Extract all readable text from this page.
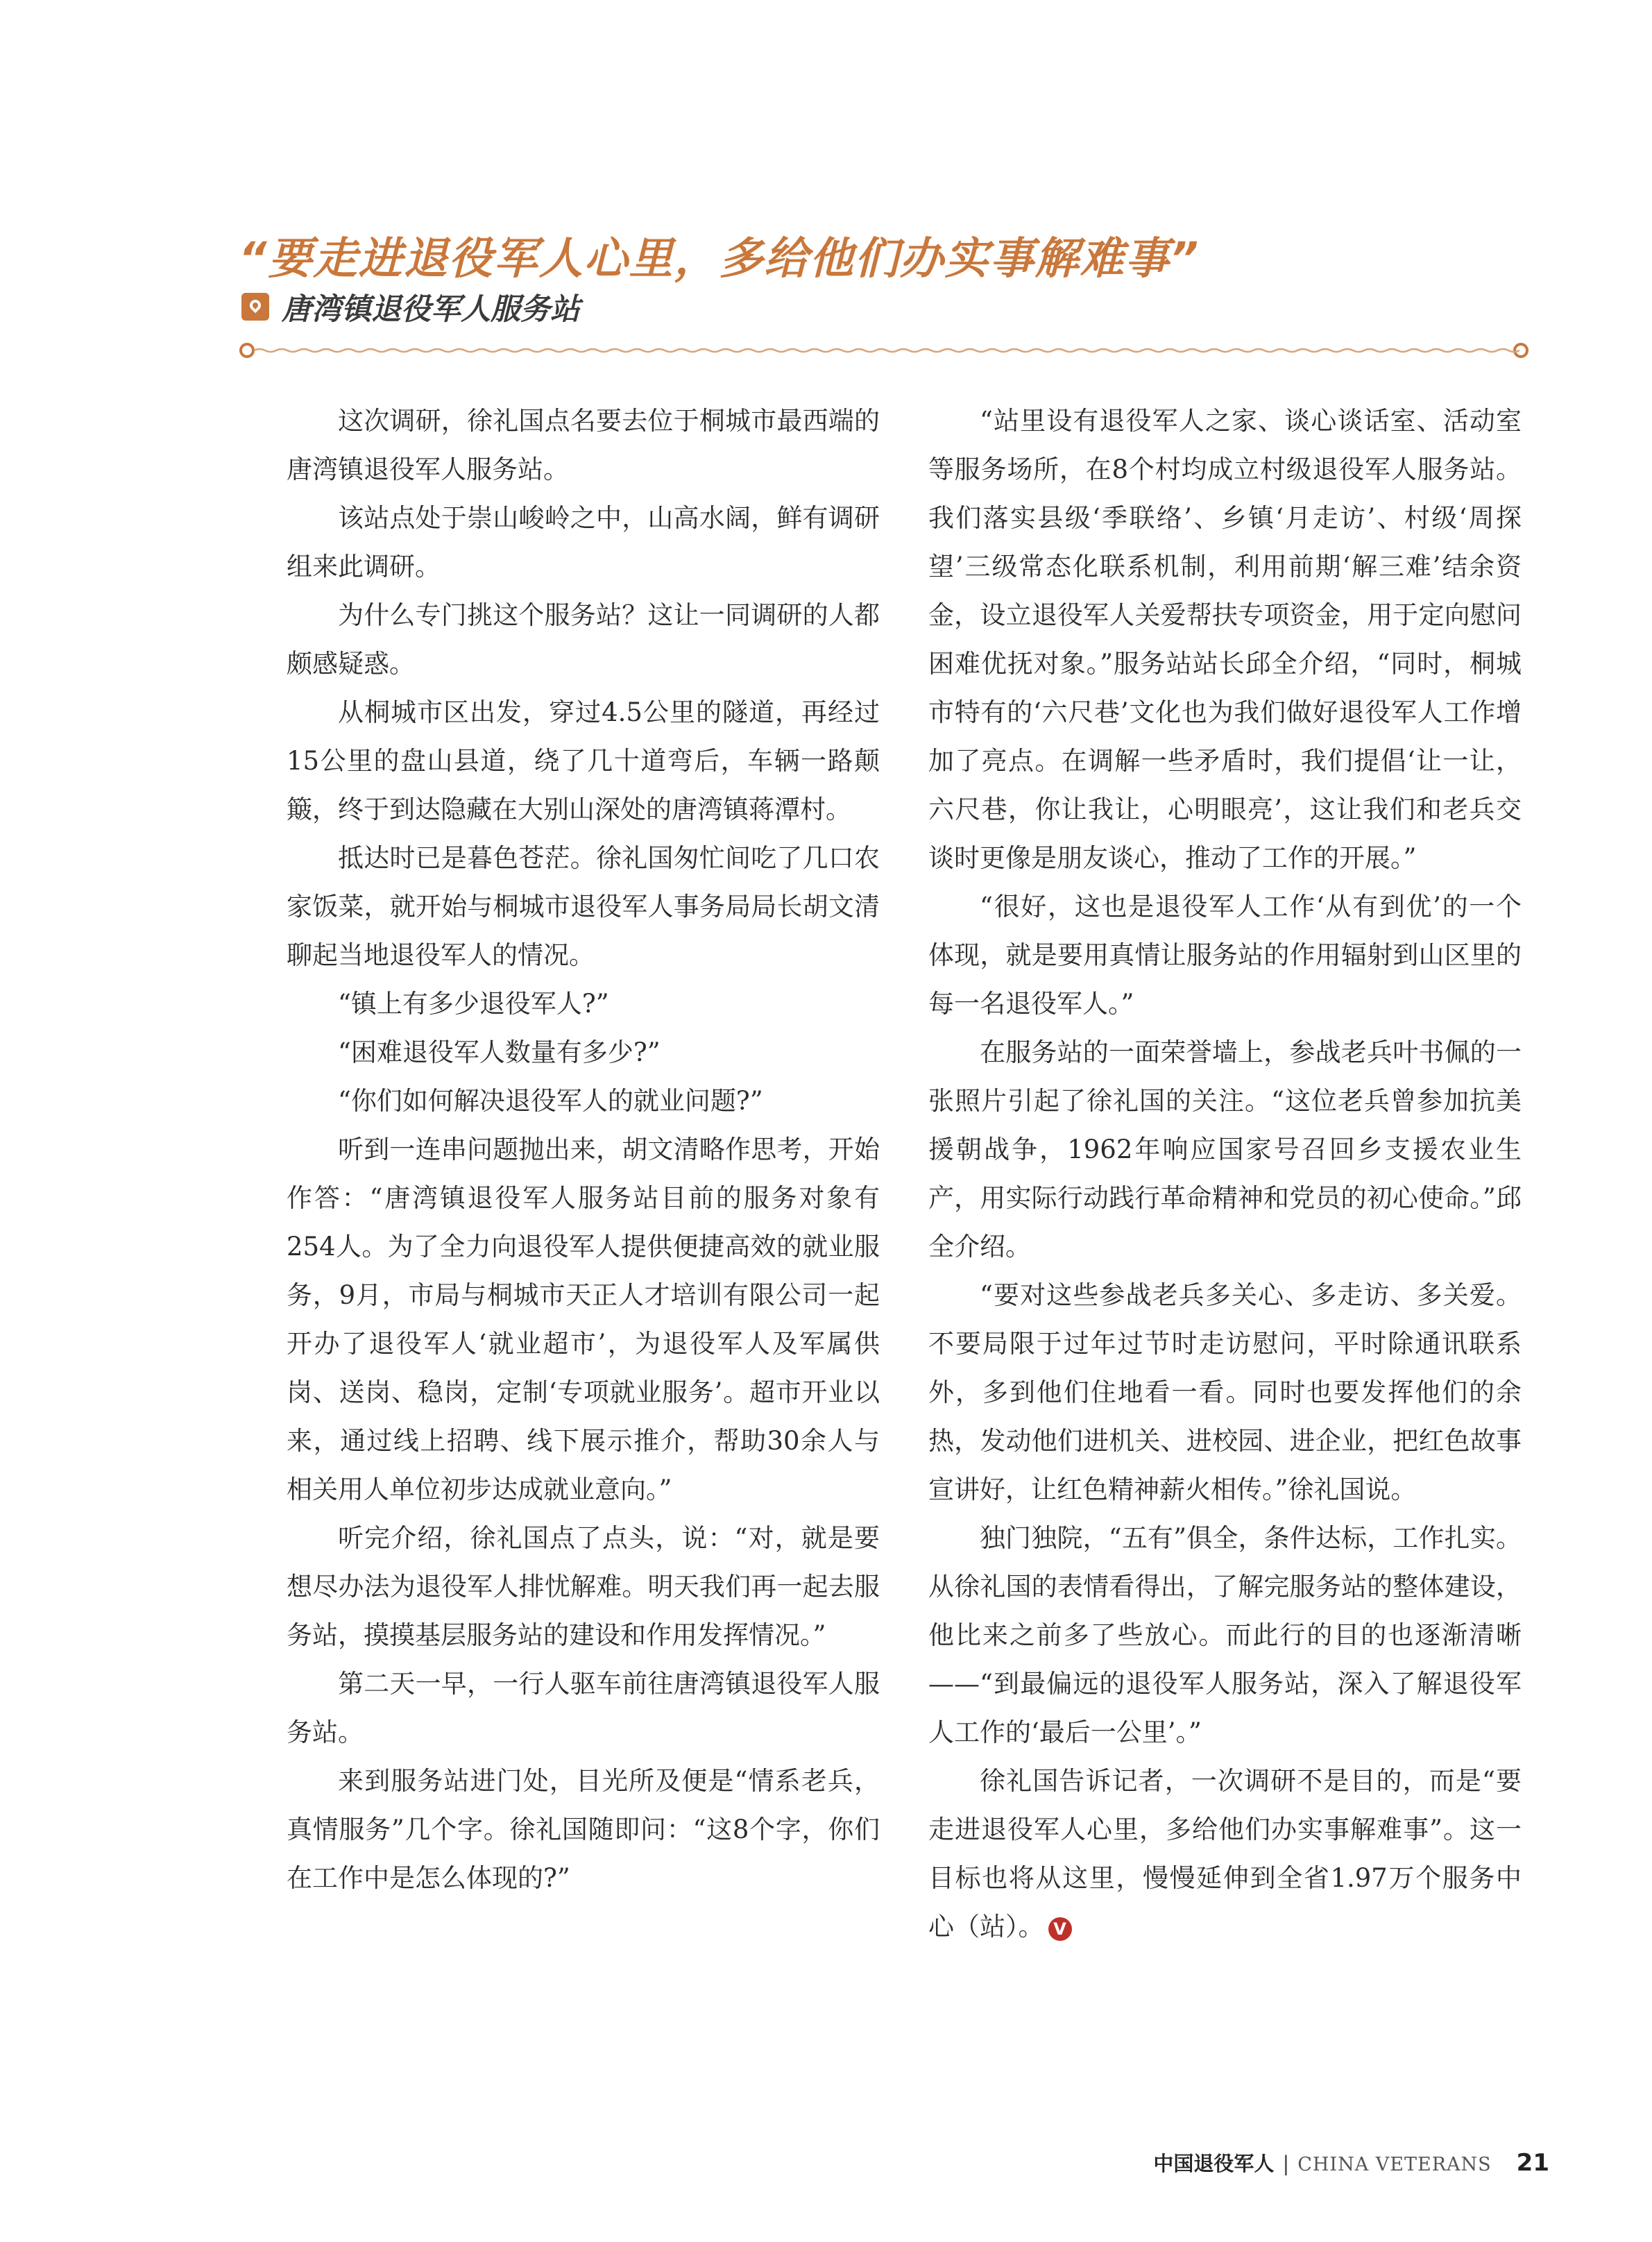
“要走进退役军人心里，多给他们办实事解难事”
唐湾镇退役军人服务站

这次调研，徐礼国点名要去位于桐城市最西端的唐湾镇退役军人服务站。

该站点处于崇山峻岭之中，山高水阔，鲜有调研组来此调研。

为什么专门挑这个服务站？这让一同调研的人都颇感疑惑。

从桐城市区出发，穿过4.5公里的隧道，再经过15公里的盘山县道，绕了几十道弯后，车辆一路颠簸，终于到达隐藏在大别山深处的唐湾镇蒋潭村。

抵达时已是暮色苍茫。徐礼国匆忙间吃了几口农家饭菜，就开始与桐城市退役军人事务局局长胡文清聊起当地退役军人的情况。

“镇上有多少退役军人?”

“困难退役军人数量有多少?”

“你们如何解决退役军人的就业问题?”

听到一连串问题抛出来，胡文清略作思考，开始作答：“唐湾镇退役军人服务站目前的服务对象有254人。为了全力向退役军人提供便捷高效的就业服务，9月，市局与桐城市天正人才培训有限公司一起开办了退役军人‘就业超市’，为退役军人及军属供岗、送岗、稳岗，定制‘专项就业服务’。超市开业以来，通过线上招聘、线下展示推介，帮助30余人与相关用人单位初步达成就业意向。”

听完介绍，徐礼国点了点头，说：“对，就是要想尽办法为退役军人排忧解难。明天我们再一起去服务站，摸摸基层服务站的建设和作用发挥情况。”

第二天一早，一行人驱车前往唐湾镇退役军人服务站。

来到服务站进门处，目光所及便是“情系老兵，真情服务”几个字。徐礼国随即问：“这8个字，你们在工作中是怎么体现的?”

“站里设有退役军人之家、谈心谈话室、活动室等服务场所，在8个村均成立村级退役军人服务站。我们落实县级‘季联络’、乡镇‘月走访’、村级‘周探望’三级常态化联系机制，利用前期‘解三难’结余资金，设立退役军人关爱帮扶专项资金，用于定向慰问困难优抚对象。”服务站站长邱全介绍，“同时，桐城市特有的‘六尺巷’文化也为我们做好退役军人工作增加了亮点。在调解一些矛盾时，我们提倡‘让一让，六尺巷，你让我让，心明眼亮’，这让我们和老兵交谈时更像是朋友谈心，推动了工作的开展。”

“很好，这也是退役军人工作‘从有到优’的一个体现，就是要用真情让服务站的作用辐射到山区里的每一名退役军人。”

在服务站的一面荣誉墙上，参战老兵叶书佩的一张照片引起了徐礼国的关注。“这位老兵曾参加抗美援朝战争，1962年响应国家号召回乡支援农业生产，用实际行动践行革命精神和党员的初心使命。”邱全介绍。

“要对这些参战老兵多关心、多走访、多关爱。不要局限于过年过节时走访慰问，平时除通讯联系外，多到他们住地看一看。同时也要发挥他们的余热，发动他们进机关、进校园、进企业，把红色故事宣讲好，让红色精神薪火相传。”徐礼国说。

独门独院，“五有”俱全，条件达标，工作扎实。从徐礼国的表情看得出，了解完服务站的整体建设，他比来之前多了些放心。而此行的目的也逐渐清晰——“到最偏远的退役军人服务站，深入了解退役军人工作的‘最后一公里’。”

徐礼国告诉记者，一次调研不是目的，而是“要走进退役军人心里，多给他们办实事解难事”。这一目标也将从这里，慢慢延伸到全省1.97万个服务中心（站）。 V

中国退役军人 | CHINA VETERANS 21
